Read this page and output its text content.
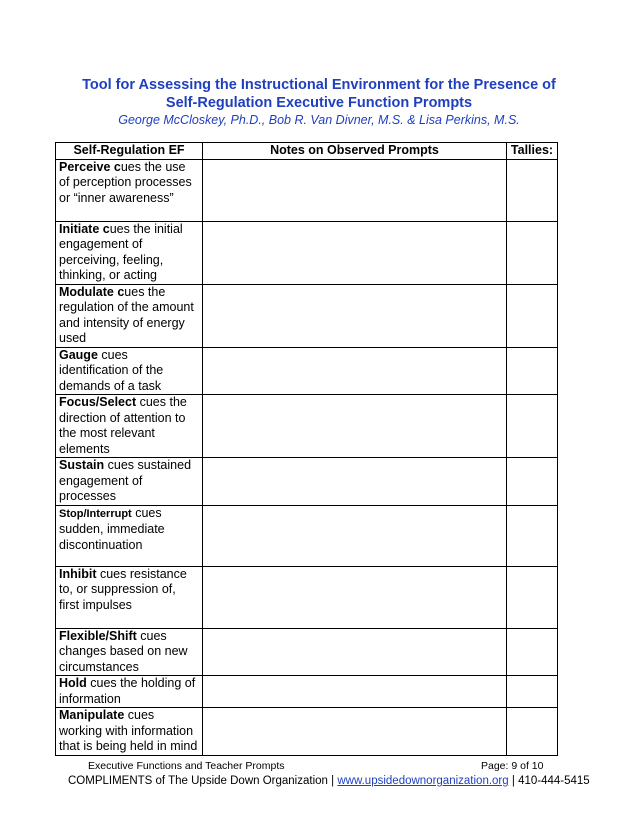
Tool for Assessing the Instructional Environment for the Presence of
Self-Regulation Executive Function Prompts
George McCloskey, Ph.D., Bob R. Van Divner, M.S. & Lisa Perkins, M.S.
Self-Regulation EF	Notes on Observed Prompts	Tallies:
Perceive cues the use of perception processes or “inner awareness”		
Initiate cues the initial engagement of perceiving, feeling, thinking, or acting		
Modulate cues the regulation of the amount and intensity of energy used		
Gauge cues identification of the demands of a task		
Focus/Select cues the direction of attention to the most relevant elements		
Sustain cues sustained engagement of processes		
Stop/Interrupt cues sudden, immediate discontinuation		
Inhibit cues resistance to, or suppression of, first impulses		
Flexible/Shift cues changes based on new circumstances		
Hold cues the holding of information		
Manipulate cues working with information that is being held in mind		
Executive Functions and Teacher Prompts	Page: 9 of 10
COMPLIMENTS of The Upside Down Organization | www.upsidedownorganization.org | 410-444-5415
